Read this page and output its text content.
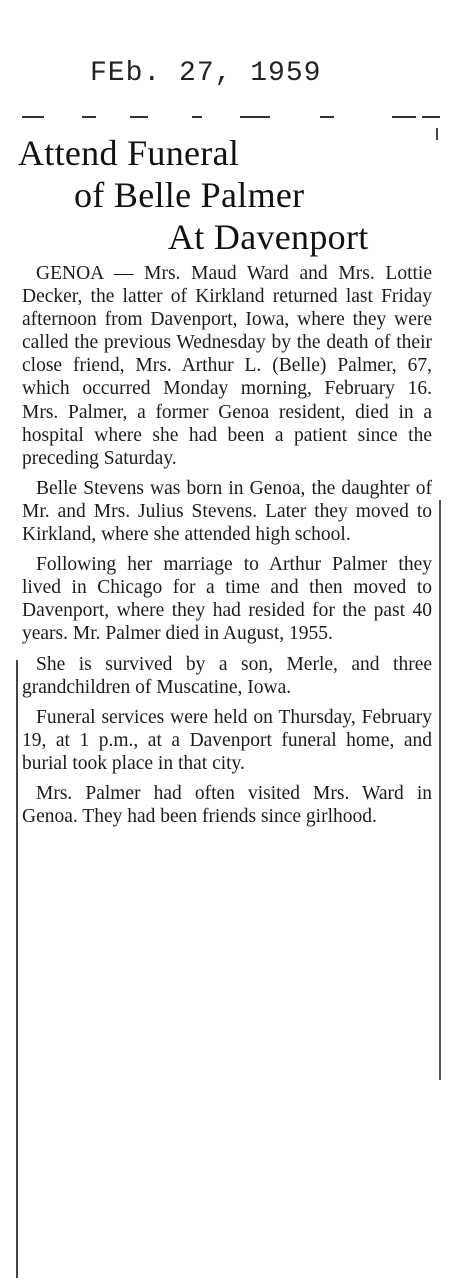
FEb. 27, 1959
Attend Funeral
of Belle Palmer
At Davenport

GENOA — Mrs. Maud Ward and Mrs. Lottie Decker, the latter of Kirkland returned last Friday afternoon from Davenport, Iowa, where they were called the previous Wednesday by the death of their close friend, Mrs. Arthur L. (Belle) Palmer, 67, which occurred Monday morning, February 16. Mrs. Palmer, a former Genoa resident, died in a hospital where she had been a patient since the preceding Saturday.

Belle Stevens was born in Genoa, the daughter of Mr. and Mrs. Julius Stevens. Later they moved to Kirkland, where she attended high school.

Following her marriage to Arthur Palmer they lived in Chicago for a time and then moved to Davenport, where they had resided for the past 40 years. Mr. Palmer died in August, 1955.

She is survived by a son, Merle, and three grandchildren of Muscatine, Iowa.

Funeral services were held on Thursday, February 19, at 1 p.m., at a Davenport funeral home, and burial took place in that city.

Mrs. Palmer had often visited Mrs. Ward in Genoa. They had been friends since girlhood.
